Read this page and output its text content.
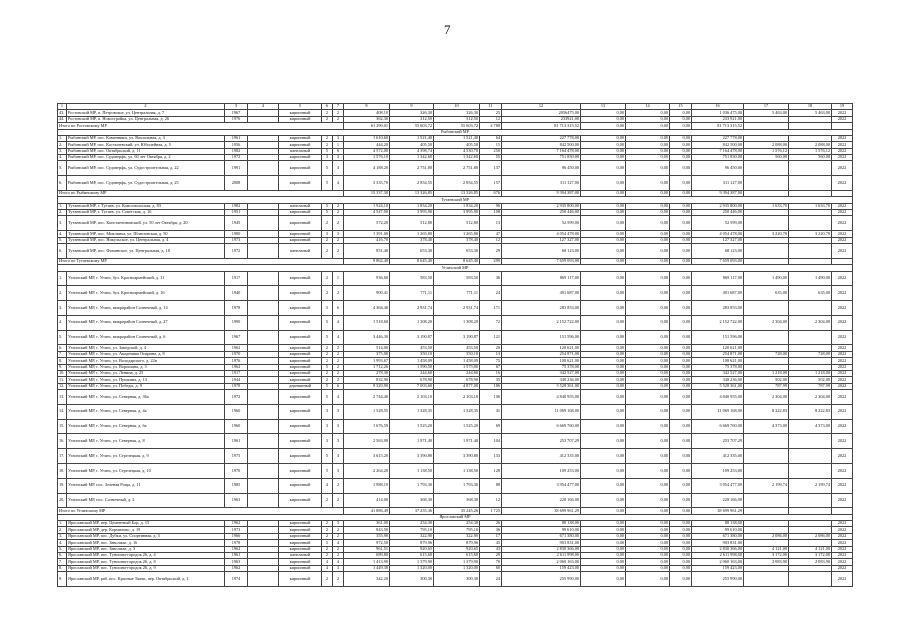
7
1	2	3	4	5	6	7	8	9	10	11	12	13	14	15	16	17	18	19
43.	Ростовский МР, п. Петровское, ул. Центральная, д. 7	1967		кирпичный	2	2	408,10	326,30	326,30	25	2056475,00	0,00	0,00	0,00	1 036 475,00	5 463,00	5 463,00	2022
44.	Ростовский МР, п. Новостройка, ул. Центральная, д. 26	1976		кирпичный	2	2	362,30	312,50	312,50	12	233921,00	0,00	0,00	0,00	233 921,00			2022
Итого по Ростовскому МР							61 290,01	55 603,72	55 603,72	2 788	81 713 315,52	0,00	0,00	0,00	81 713 315,52			
Рыбинский МР																		
1.	Рыбинский МР, пос. Каменники, ул. Вокзальная, д. 3	1961		кирпичный	2	3	1 610,60	1 521,40	1 521,40	64	227 778,00	0,00	0,00	0,00	227 778,00			2022
2.	Рыбинский МР, пос. Костычевский, ул. Юбилейная, д. 5	1956		кирпичный	2	1	444,20	405,50	405,50	15	842 500,00	0,00	0,00	0,00	842 500,00	2 088,00	2 088,00	2022
3.	Рыбинский МР, пос. Октябрьский, д. 11	1982		панельный	5	6	4 572,00	4 398,74	4 530,70	250	7 164 478,00	0,00	0,00	0,00	7 164 478,00	1 576,12	1 576,12	2022
4.	Рыбинский МР, пос. Судоверфь, ул. 60 лет Октября, д. 2	1972		кирпичный	3	3	1 576,10	1 342,60	1 342,60	55	751 830,00	0,00	0,00	0,00	751 830,00	560,00	560,00	2022
5.	Рыбинский МР, пос. Судоверфь, ул. Судостроительная, д. 22	1991		кирпичный	5	4	4 188,20	2 751,80	2 751,80	137	96 450,00	0,00	0,00	0,00	96 450,00			2022
6.	Рыбинский МР, пос. Судоверфь, ул. Судостроительная, д. 25	2008		кирпичный	5	4	3 335,70	2 854,55	2 854,55	157	311 127,00	0,00	0,00	0,00	311 127,00			2022
Итого по Рыбинскому МР							15 337,30	13 326,85	13 326,85	676	9 394 387,00	0,00	0,00	0,00	9 394 387,00			
Тутаевский МР																		
1.	Тутаевский МР, г. Тутаев, ул. Комсомольская, д. 83	1982		панельный	5	2	1 924,10	1 834,20	1 834,20	96	2 935 800,00	0,00	0,00	0,00	2 935 800,00	1 633,70	1 633,70	2022
2.	Тутаевский МР, г. Тутаев, ул. Советская, д. 16	1951		кирпичный	5	2	4 547,00	3 995,90	3 995,90	108	250 446,00	0,00	0,00	0,00	250 446,00			2022
3.	Тутаевский МР, пос. Константиновский, ул. 50 лет Октября, д. 20	1945		кирпичный	2	2	572,20	512,80	512,80	13	52 599,00	0,00	0,00	0,00	52 599,00			2022
4.	Тутаевский МР, пос. Микляиха, ул. Шлюзовская, д. 50	1980		кирпичный	3	3	1 391,00	1 265,80	1 265,80	47	4 054 478,00	0,00	0,00	0,00	4 054 478,00	3 220,79	3 220,79	2022
5.	Тутаевский МР, пос. Никульское, ул. Центральная, д. 4	1973		кирпичный	2	2	416,70	378,40	378,40	12	127 327,00	0,00	0,00	0,00	127 327,00			2022
6.	Тутаевский МР, пос. Фоминское, ул. Центральная, д. 18	1972		панельный	2	2	851,40	653,30	653,30	29	68 123,00	0,00	0,00	0,00	68 123,00			2022
Итого по Тутаевскому МР							9 862,40	8 645,40	8 645,40	299	7 659 093,00	0,00	0,00	0,00	7 659 093,00			
Угличский МР																		
1.	Угличский МР, г. Углич, бул. Красноармейский, д. 11	1917		кирпичный	2	1	936,60	583,50	583,50	36	869 117,00	0,00	0,00	0,00	869 117,00	1 490,00	1 490,00	2022
2.	Угличский МР, г. Углич, бул. Красноармейский, д. 16	1940		кирпичный	2	2	900,41	771,11	771,11	24	491 687,00	0,00	0,00	0,00	491 687,00	635,00	635,00	2022
3.	Угличский МР, г. Углич, микрорайон Солнечный, д. 14	1978		кирпичный	5	6	4 364,40	2 931,74	2 931,74	171	283 853,00	0,00	0,00	0,00	283 853,00			2022
4.	Угличский МР, г. Углич, микрорайон Солнечный, д. 27	1990		кирпичный	5	4	1 518,60	1 308,20	1 308,20	72	2 152 722,00	0,00	0,00	0,00	2 152 722,00	2 304,00	2 304,00	2022
5.	Угличский МР, г. Углич, микрорайон Солнечный, д. 6	1967		кирпичный	5	4	3 446,30	3 190,87	3 190,87	121	151 596,00	0,00	0,00	0,00	151 596,00			2022
6.	Угличский МР, г. Углич, ул. Заводской, д. 4	1962		кирпичный	2	2	514,00	453,50	453,50	20	120 621,00	0,00	0,00	0,00	120 621,00			2022
7.	Угличский МР, г. Углич, ул. Академика Опарина, д. 8	1970		кирпичный	2	2	375,90	350,10	350,10	13	254 871,00	0,00	0,00	0,00	254 871,00	728,00	728,00	2022
8.	Угличский МР, г. Углич, ул. Володарского, д. 22в	1976		кирпичный	2	2	1 993,67	1 458,09	1 458,09	75	108 621,00	0,00	0,00	0,00	108 621,00			2022
9.	Угличский МР, г. Углич, ул. Ворошина, д. 3	1962		кирпичный	5	2	1 712,26	1 590,50	1 575,00	67	75 378,00	0,00	0,00	0,00	75 378,00			2022
10.	Угличский МР, г. Углич, ул. Ленина, д. 25	1917		кирпичный	2	2	278,30	244,60	244,60	16	342 527,00	0,00	0,00	0,00	342 527,00	1 218,00	1 218,00	2022
11.	Угличский МР, г. Углич, ул. Пушкина, д. 13	1944		кирпичный	2	2	832,90	678,90	678,90	35	340 236,00	0,00	0,00	0,00	340 236,00	502,00	502,00	2022
12.	Угличский МР, г. Углич, ул. Победы, д. 9	1978		деревянный	5	6	9 329,90	7 003,60	4 877,00	186	5 528 361,00	0,00	0,00	0,00	5 528 361,00	787,99	787,99	2022
13.	Угличский МР, г. Углич, ул. Северная, д. 36а	1972		кирпичный	5	4	2 744,40	2 103,10	2 103,10	106	4 840 955,00	0,00	0,00	0,00	4 840 955,00	2 304,00	2 304,00	2022
14.	Угличский МР, г. Углич, ул. Северная, д. 4а	1960		кирпичный	3	3	1 528,55	1 328,35	1 328,35	41	11 069 168,00	0,00	0,00	0,00	11 069 168,00	8 222,83	8 222,83	2022
15.	Угличский МР, г. Углич, ул. Северная, д. 6а	1960		кирпичный	3	3	1 676,59	1 525,20	1 525,20	69	6 669 760,00	0,00	0,00	0,00	6 669 760,00	4 373,00	4 373,00	2022
16.	Угличский МР, г. Углич, ул. Северная, д. 8	1961		кирпичный	3	3	2 563,90	1 971,40	1 971,40	104	253 707,29	0,00	0,00	0,00	253 707,29			2022
17.	Угличский МР, г. Углич, ул. Стрелецкая, д. 9	1975		кирпичный	5	4	3 615,20	3 390,80	3 390,80	133	412 335,00	0,00	0,00	0,00	412 335,00			2022
18.	Угличский МР, г. Углич, ул. Стрелецкая, д. 10	1970		кирпичный	5	3	2 264,20	1 138,50	1 138,50	128	109 253,00	0,00	0,00	0,00	109 253,00			2022
19.	Угличский МР, пос. Зеленая Роща, д. 11	1985		кирпичный	4	2	1 988,10	1 793,30	1 793,30	88	3 954 477,00	0,00	0,00	0,00	3 954 477,00	2 199,74	2 199,74	2022
20.	Угличский МР, пос. Солнечный, д. 2	1963		кирпичный	2	2	414,00	368,30	368,30	12	228 166,00	0,00	0,00	0,00	228 166,00			2022
Итого по Угличскому МР							41 886,49	37 255,36	35 245,26	1 725	38 699 961,29	0,00	0,00	0,00	38 699 961,29			
Ярославский МР																		
1.	Ярославский МР, пер. Цементный Бор, д. 15	1962		кирпичный	2	3	361,00	254,30	254,30	26	88 138,00	0,00	0,00	0,00	88 138,00			2022
2.	Ярославский МР, дер. Кормилово, д. 19	1973		кирпичный	2	2	843,50	795,10	795,10	36	99 610,00	0,00	0,00	0,00	99 610,00			2022
3.	Ярославский МР, пос. Дубки, ул. Спортивная, д. 3	1966		кирпичный	2	2	355,90	322,90	322,90	17	671 380,00	0,00	0,00	0,00	671 380,00	2 086,00	2 086,00	2022
4.	Ярославский МР, пос. Заволжье, д. 16	1978		кирпичный	5	4	972,50	879,96	879,96	45	903 831,00	0,00	0,00	0,00	903 831,00			2022
5.	Ярославский МР, пос. Заволжье, д. 3	1962		кирпичный	2	2	961,51	920,65	920,65	43	2 830 366,00	0,00	0,00	0,00	2 830 366,00	4 121,00	4 121,00	2022
6.	Ярославский МР, пос. Туношна-городок 26, д. 4	1961		панельный	2	2	689,80	615,60	615,60	29	2 611 998,00	0,00	0,00	0,00	2 611 998,00	3 172,00	3 172,00	2022
7.	Ярославский МР, пос. Туношна-городок 26, д. 8	1963		кирпичный	4	4	1 413,90	1 379,90	1 379,90	70	2 060 163,00	0,00	0,00	0,00	2 060 163,00	2 083,90	2 083,90	2022
8.	Ярославский МР, пос. Туношна-городок 26, д. 9	1962		кирпичный	4	3	1 449,38	1 320,00	1 320,00	60	159 423,00	0,00	0,00	0,00	159 423,00			2022
9.	Ярославский МР, раб. пос. Красные Ткачи, пер. Октябрьский, д. 1	1974		кирпичный	2	2	342,20	300,30	300,30	24	255 990,00	0,00	0,00	0,00	255 990,00			2022
